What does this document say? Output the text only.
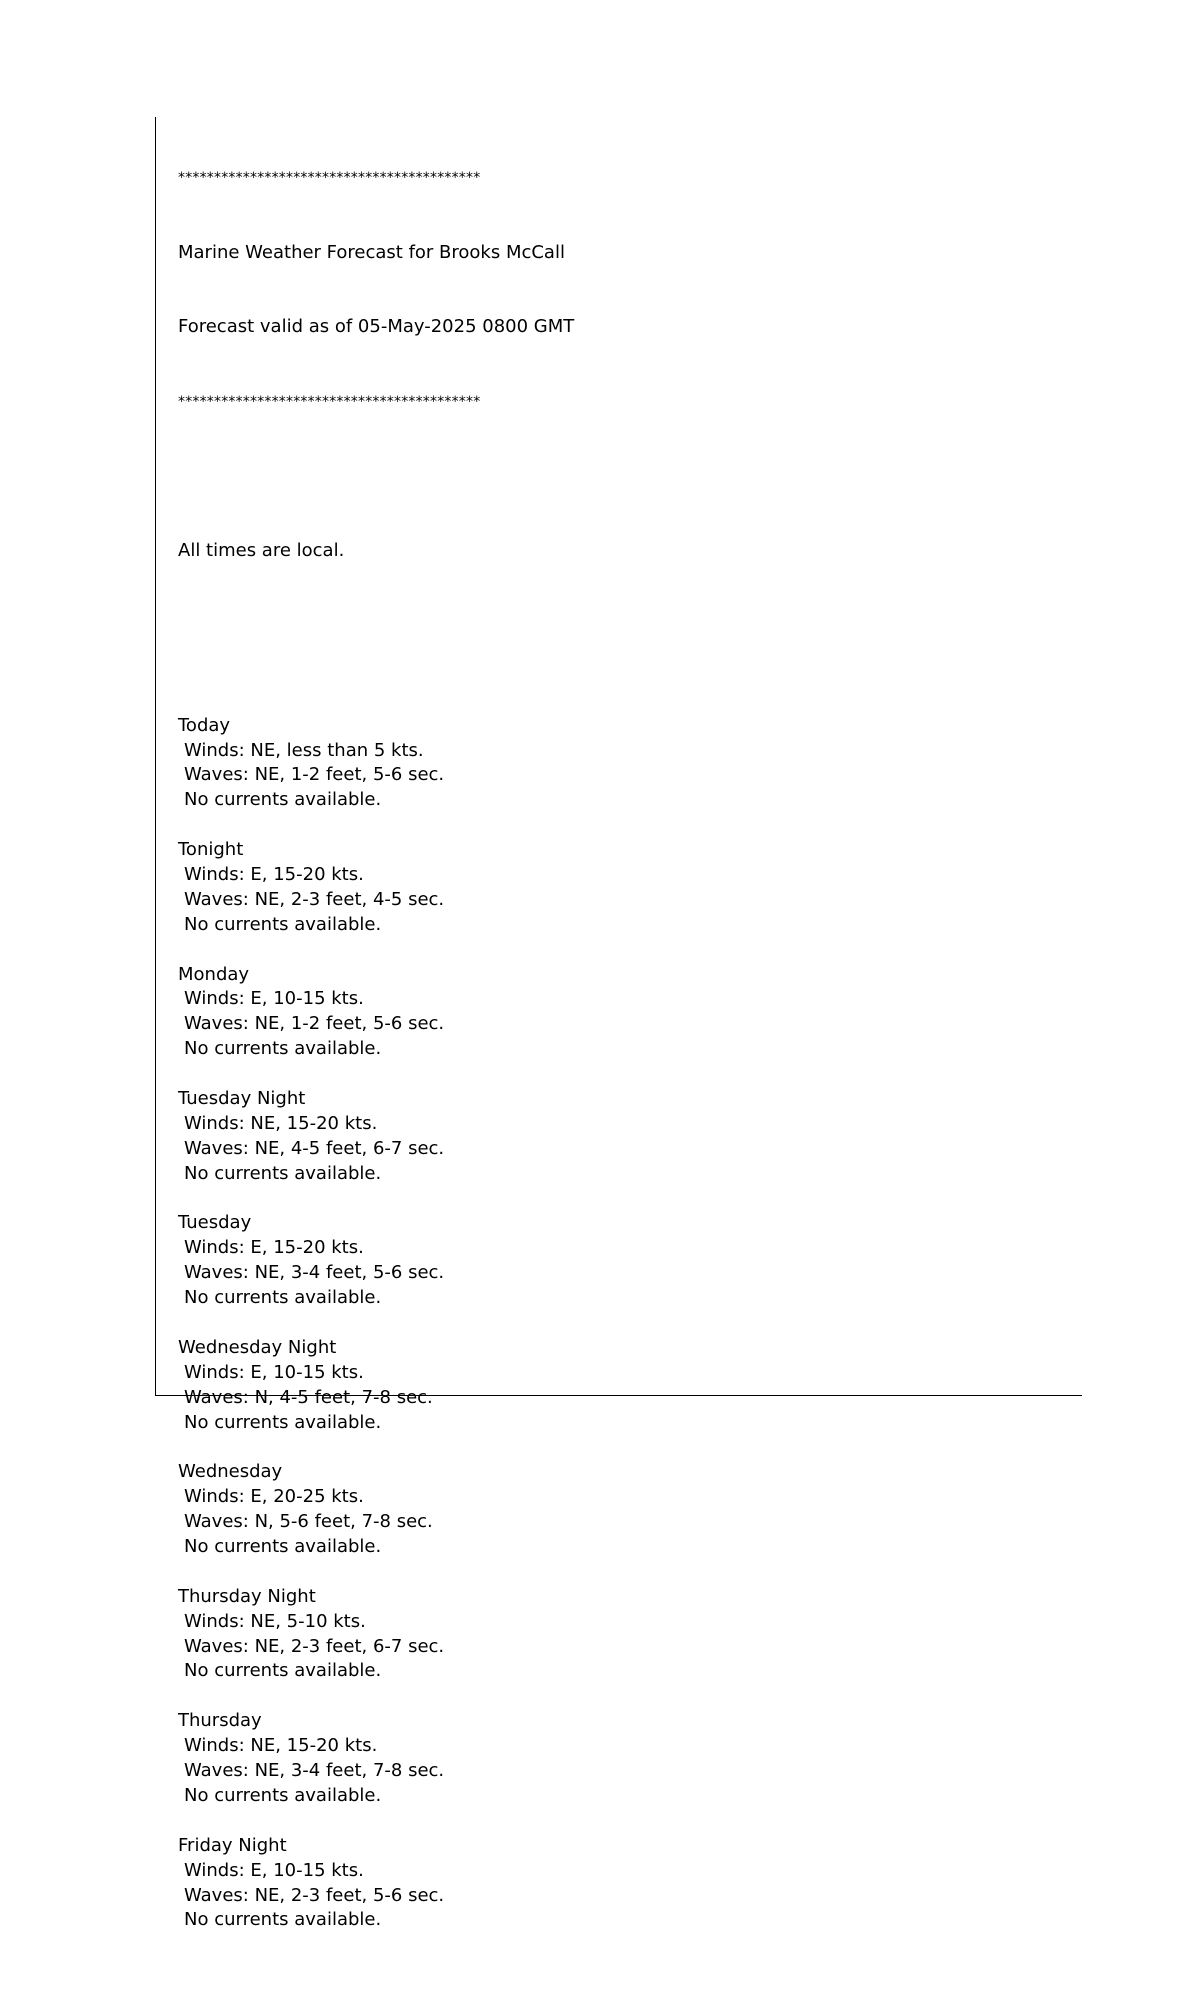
******************************************

Marine Weather Forecast for Brooks McCall

Forecast valid as of 05-May-2025 0800 GMT

******************************************

All times are local.

Today
Winds: NE, less than 5 kts.
Waves: NE, 1-2 feet, 5-6 sec.
No currents available.
Tonight
Winds: E, 15-20 kts.
Waves: NE, 2-3 feet, 4-5 sec.
No currents available.
Monday
Winds: E, 10-15 kts.
Waves: NE, 1-2 feet, 5-6 sec.
No currents available.
Tuesday Night
Winds: NE, 15-20 kts.
Waves: NE, 4-5 feet, 6-7 sec.
No currents available.
Tuesday
Winds: E, 15-20 kts.
Waves: NE, 3-4 feet, 5-6 sec.
No currents available.
Wednesday Night
Winds: E, 10-15 kts.
Waves: N, 4-5 feet, 7-8 sec.
No currents available.
Wednesday
Winds: E, 20-25 kts.
Waves: N, 5-6 feet, 7-8 sec.
No currents available.
Thursday Night
Winds: NE, 5-10 kts.
Waves: NE, 2-3 feet, 6-7 sec.
No currents available.
Thursday
Winds: NE, 15-20 kts.
Waves: NE, 3-4 feet, 7-8 sec.
No currents available.
Friday Night
Winds: E, 10-15 kts.
Waves: NE, 2-3 feet, 5-6 sec.
No currents available.
